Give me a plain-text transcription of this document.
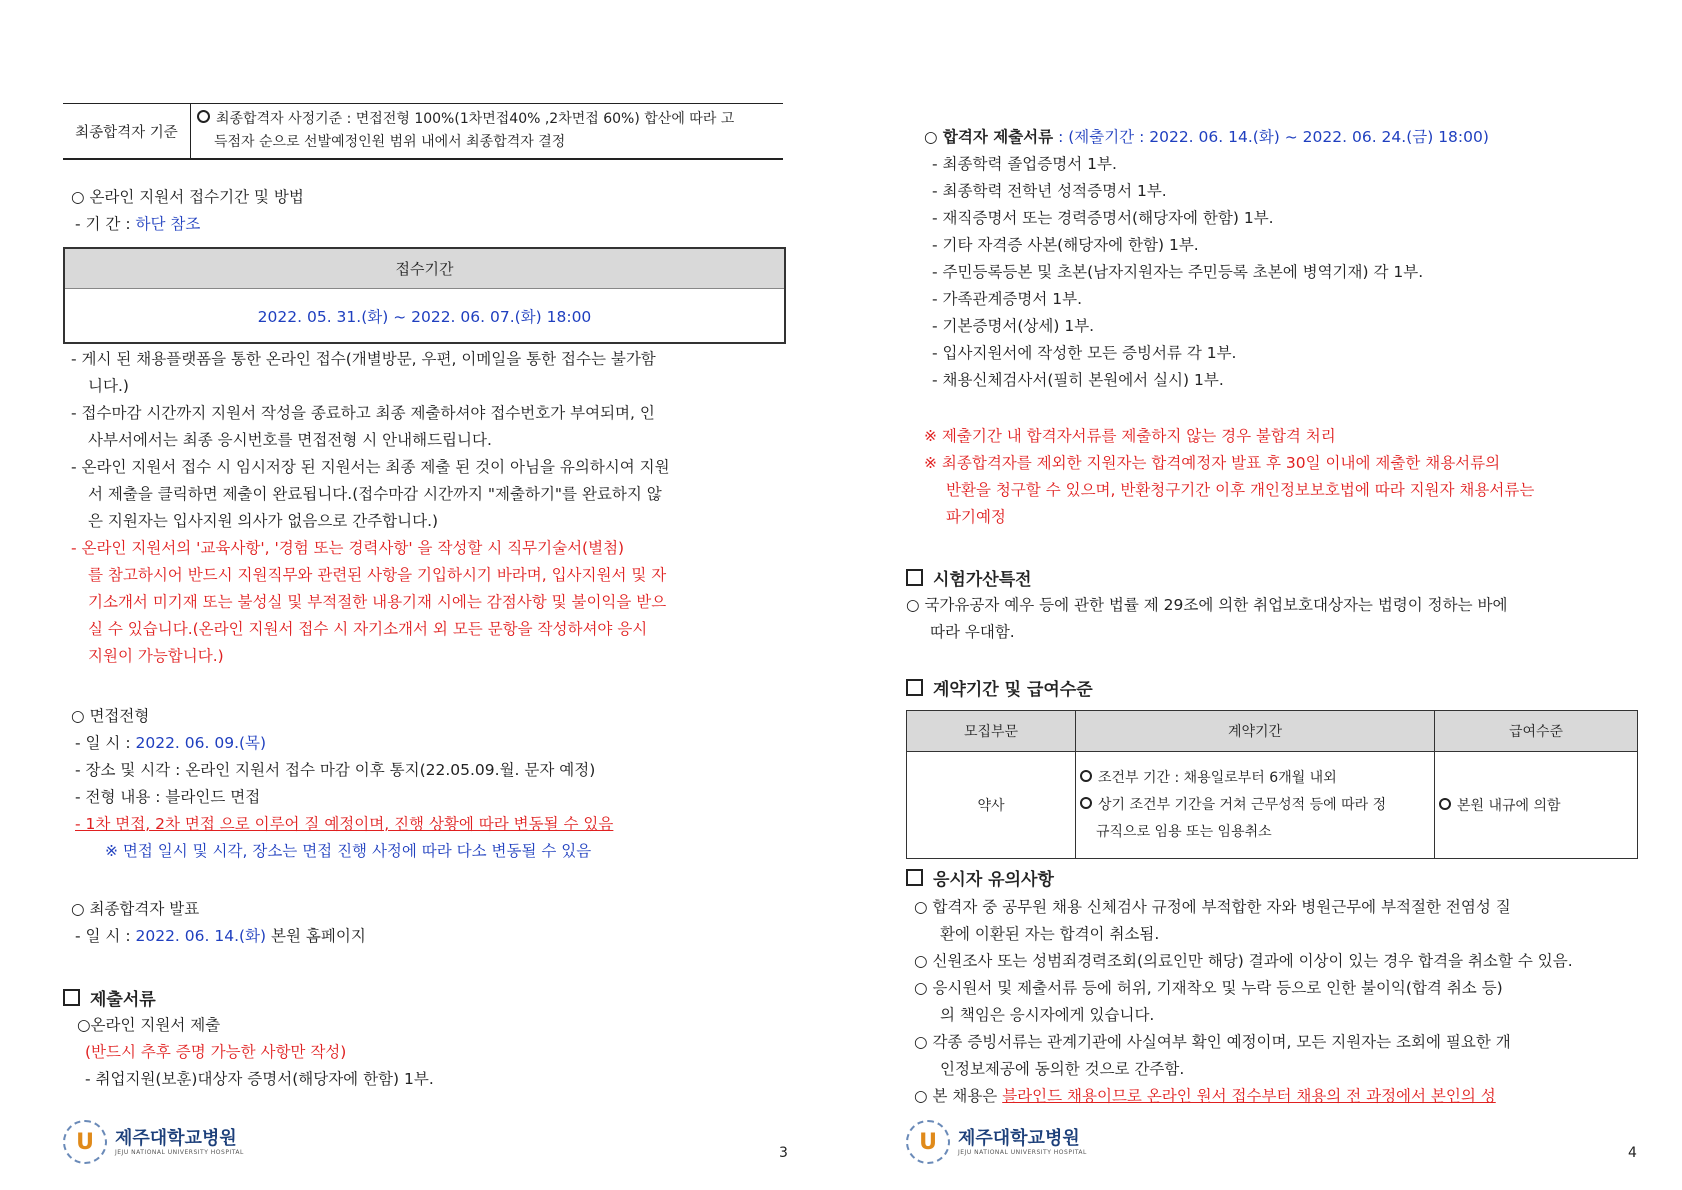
최종합격자 기준	
최종합격자 사정기준 : 면접전형 100%(1차면접40% ,2차면접 60%) 합산에 따라 고
득점자 순으로 선발예정인원 범위 내에서 최종합격자 결정
○ 온라인 지원서 접수기간 및 방법
- 기 간 : 하단 참조
접수기간
2022. 05. 31.(화) ~ 2022. 06. 07.(화) 18:00
- 게시 된 채용플랫폼을 통한 온라인 접수(개별방문, 우편, 이메일을 통한 접수는 불가함
니다.)
- 접수마감 시간까지 지원서 작성을 종료하고 최종 제출하셔야 접수번호가 부여되며, 인
사부서에서는 최종 응시번호를 면접전형 시 안내해드립니다.
- 온라인 지원서 접수 시 임시저장 된 지원서는 최종 제출 된 것이 아님을 유의하시여 지원
서 제출을 클릭하면 제출이 완료됩니다.(접수마감 시간까지 "제출하기"를 완료하지 않
은 지원자는 입사지원 의사가 없음으로 간주합니다.)
- 온라인 지원서의 '교육사항', '경험 또는 경력사항' 을 작성할 시 직무기술서(별첨)
를 참고하시어 반드시 지원직무와 관련된 사항을 기입하시기 바라며, 입사지원서 및 자
기소개서 미기재 또는 불성실 및 부적절한 내용기재 시에는 감점사항 및 불이익을 받으
실 수 있습니다.(온라인 지원서 접수 시 자기소개서 외 모든 문항을 작성하셔야 응시
지원이 가능합니다.)
○ 면접전형
- 일 시 : 2022. 06. 09.(목)
- 장소 및 시각 : 온라인 지원서 접수 마감 이후 통지(22.05.09.월. 문자 예정)
- 전형 내용 : 블라인드 면접
- 1차 면접, 2차 면접 으로 이루어 질 예정이며, 진행 상황에 따라 변동될 수 있음
※ 면접 일시 및 시각, 장소는 면접 진행 사정에 따라 다소 변동될 수 있음
○ 최종합격자 발표
- 일 시 : 2022. 06. 14.(화) 본원 홈페이지
제출서류
○온라인 지원서 제출
(반드시 추후 증명 가능한 사항만 작성)
- 취업지원(보훈)대상자 증명서(해당자에 한함) 1부.
U 제주대학교병원
JEJU NATIONAL UNIVERSITY HOSPITAL	3
○ 합격자 제출서류 : (제출기간 : 2022. 06. 14.(화) ~ 2022. 06. 24.(금) 18:00)
- 최종학력 졸업증명서 1부.
- 최종학력 전학년 성적증명서 1부.
- 재직증명서 또는 경력증명서(해당자에 한함) 1부.
- 기타 자격증 사본(해당자에 한함) 1부.
- 주민등록등본 및 초본(남자지원자는 주민등록 초본에 병역기재) 각 1부.
- 가족관계증명서 1부.
- 기본증명서(상세) 1부.
- 입사지원서에 작성한 모든 증빙서류 각 1부.
- 채용신체검사서(필히 본원에서 실시) 1부.
※ 제출기간 내 합격자서류를 제출하지 않는 경우 불합격 처리
※ 최종합격자를 제외한 지원자는 합격예정자 발표 후 30일 이내에 제출한 채용서류의
반환을 청구할 수 있으며, 반환청구기간 이후 개인정보보호법에 따라 지원자 채용서류는
파기예정
시험가산특전
○ 국가유공자 예우 등에 관한 법률 제 29조에 의한 취업보호대상자는 법령이 정하는 바에
따라 우대함.
계약기간 및 급여수준
모집부문	계약기간	급여수준
약사	조건부 기간 : 채용일로부터 6개월 내외
상기 조건부 기간을 거쳐 근무성적 등에 따라 정
규직으로 임용 또는 임용취소	본원 내규에 의함
응시자 유의사항
○ 합격자 중 공무원 채용 신체검사 규정에 부적합한 자와 병원근무에 부적절한 전염성 질
환에 이환된 자는 합격이 취소됨.
○ 신원조사 또는 성범죄경력조회(의료인만 해당) 결과에 이상이 있는 경우 합격을 취소할 수 있음.
○ 응시원서 및 제출서류 등에 허위, 기재착오 및 누락 등으로 인한 불이익(합격 취소 등)
의 책임은 응시자에게 있습니다.
○ 각종 증빙서류는 관계기관에 사실여부 확인 예정이며, 모든 지원자는 조회에 필요한 개
인정보제공에 동의한 것으로 간주함.
○ 본 채용은 블라인드 채용이므로 온라인 원서 접수부터 채용의 전 과정에서 본인의 성
U 제주대학교병원
JEJU NATIONAL UNIVERSITY HOSPITAL	4
